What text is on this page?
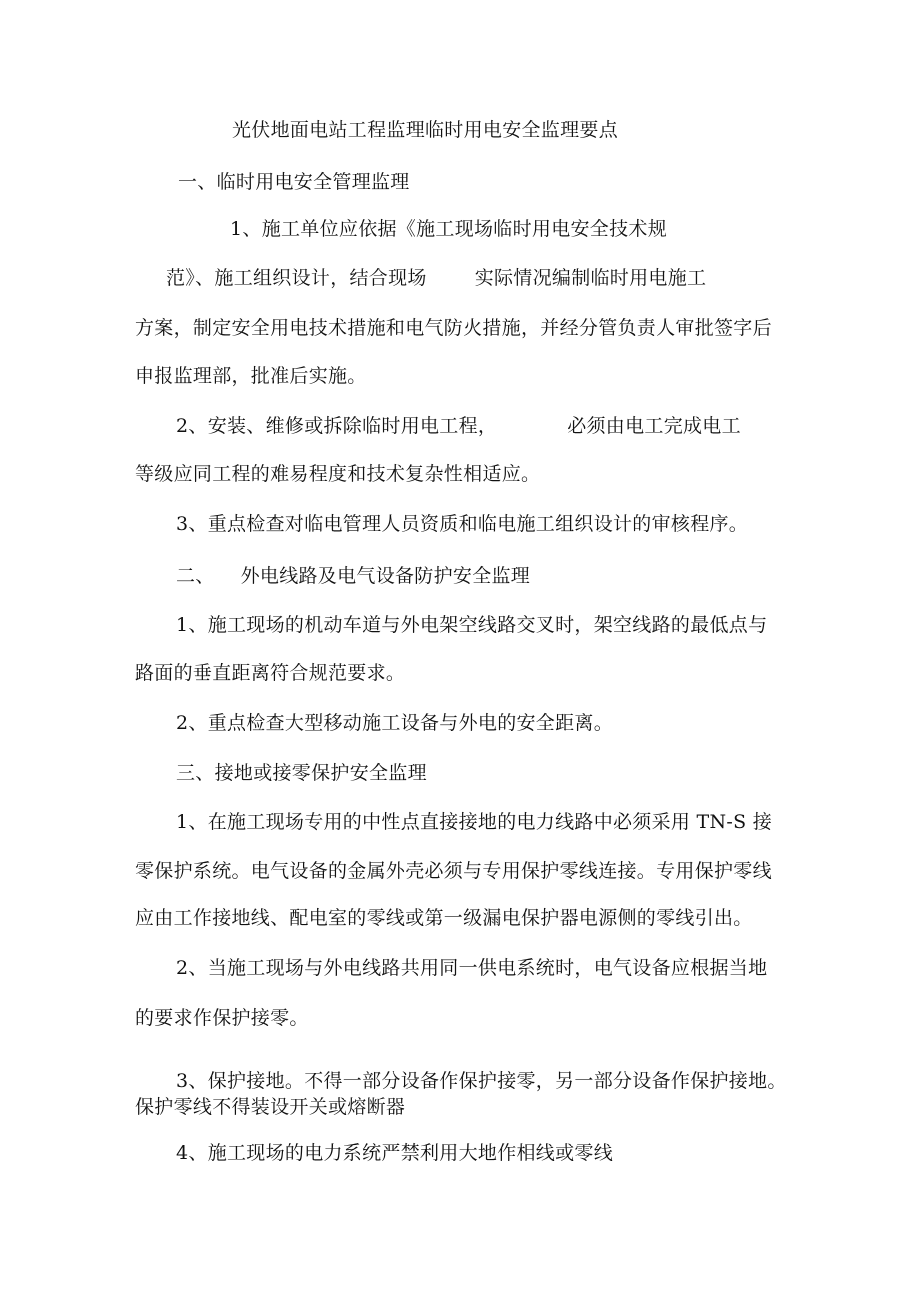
光伏地面电站工程监理临时用电安全监理要点
一、临时用电安全管理监理
1、施工单位应依据《施工现场临时用电安全技术规
范》、施工组织设计，结合现场	实际情况编制临时用电施工
方案，制定安全用电技术措施和电气防火措施，并经分管负责人审批签字后
申报监理部，批准后实施。
2、安装、维修或拆除临时用电工程，	必须由电工完成电工
等级应同工程的难易程度和技术复杂性相适应。
3、重点检查对临电管理人员资质和临电施工组织设计的审核程序。
二、 外电线路及电气设备防护安全监理
1、施工现场的机动车道与外电架空线路交叉时，架空线路的最低点与
路面的垂直距离符合规范要求。
2、重点检查大型移动施工设备与外电的安全距离。
三、接地或接零保护安全监理
1、在施工现场专用的中性点直接接地的电力线路中必须采用 TN-S 接
零保护系统。电气设备的金属外壳必须与专用保护零线连接。专用保护零线
应由工作接地线、配电室的零线或第一级漏电保护器电源侧的零线引出。
2、当施工现场与外电线路共用同一供电系统时，电气设备应根据当地
的要求作保护接零。
3、保护接地。不得一部分设备作保护接零，另一部分设备作保护接地。
保护零线不得装设开关或熔断器
4、施工现场的电力系统严禁利用大地作相线或零线
